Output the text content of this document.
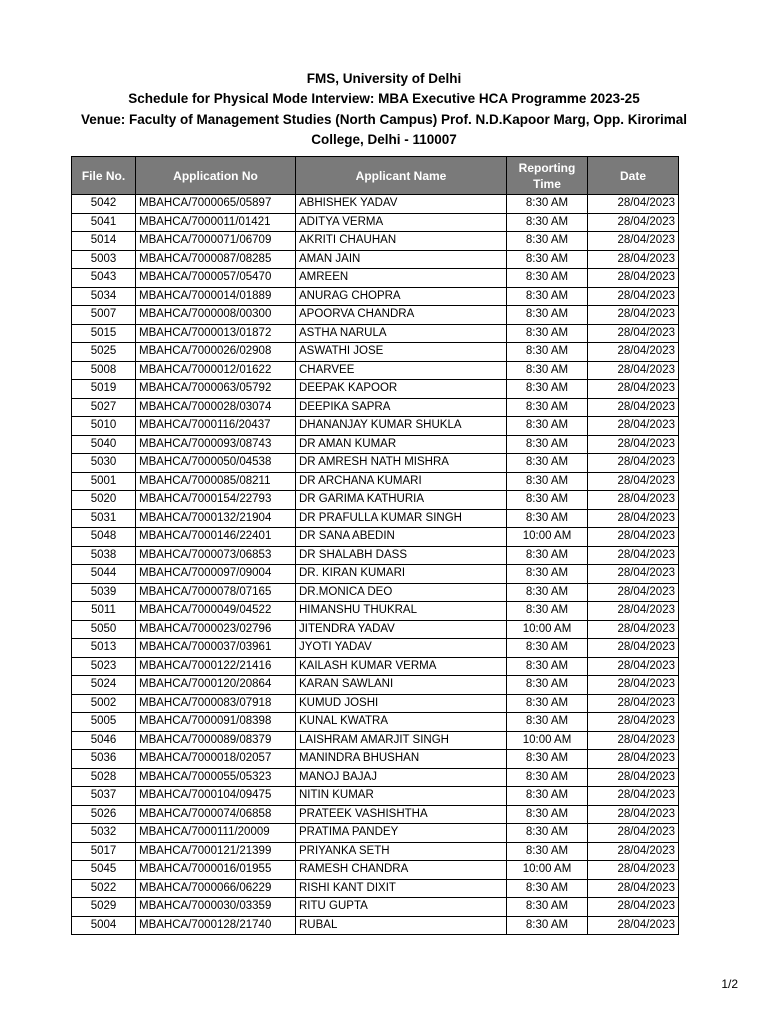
FMS, University of Delhi
Schedule for Physical Mode Interview: MBA Executive HCA Programme 2023-25
Venue: Faculty of Management Studies (North Campus) Prof. N.D.Kapoor Marg, Opp. Kirorimal College, Delhi - 110007
File No.	Application No	Applicant Name	Reporting Time	Date
5042	MBAHCA/7000065/05897	ABHISHEK YADAV	8:30 AM	28/04/2023
5041	MBAHCA/7000011/01421	ADITYA VERMA	8:30 AM	28/04/2023
5014	MBAHCA/7000071/06709	AKRITI CHAUHAN	8:30 AM	28/04/2023
5003	MBAHCA/7000087/08285	AMAN JAIN	8:30 AM	28/04/2023
5043	MBAHCA/7000057/05470	AMREEN	8:30 AM	28/04/2023
5034	MBAHCA/7000014/01889	ANURAG CHOPRA	8:30 AM	28/04/2023
5007	MBAHCA/7000008/00300	APOORVA CHANDRA	8:30 AM	28/04/2023
5015	MBAHCA/7000013/01872	ASTHA NARULA	8:30 AM	28/04/2023
5025	MBAHCA/7000026/02908	ASWATHI JOSE	8:30 AM	28/04/2023
5008	MBAHCA/7000012/01622	CHARVEE	8:30 AM	28/04/2023
5019	MBAHCA/7000063/05792	DEEPAK KAPOOR	8:30 AM	28/04/2023
5027	MBAHCA/7000028/03074	DEEPIKA SAPRA	8:30 AM	28/04/2023
5010	MBAHCA/7000116/20437	DHANANJAY KUMAR SHUKLA	8:30 AM	28/04/2023
5040	MBAHCA/7000093/08743	DR AMAN KUMAR	8:30 AM	28/04/2023
5030	MBAHCA/7000050/04538	DR AMRESH NATH MISHRA	8:30 AM	28/04/2023
5001	MBAHCA/7000085/08211	DR ARCHANA KUMARI	8:30 AM	28/04/2023
5020	MBAHCA/7000154/22793	DR GARIMA KATHURIA	8:30 AM	28/04/2023
5031	MBAHCA/7000132/21904	DR PRAFULLA KUMAR SINGH	8:30 AM	28/04/2023
5048	MBAHCA/7000146/22401	DR SANA ABEDIN	10:00 AM	28/04/2023
5038	MBAHCA/7000073/06853	DR SHALABH DASS	8:30 AM	28/04/2023
5044	MBAHCA/7000097/09004	DR. KIRAN KUMARI	8:30 AM	28/04/2023
5039	MBAHCA/7000078/07165	DR.MONICA DEO	8:30 AM	28/04/2023
5011	MBAHCA/7000049/04522	HIMANSHU THUKRAL	8:30 AM	28/04/2023
5050	MBAHCA/7000023/02796	JITENDRA YADAV	10:00 AM	28/04/2023
5013	MBAHCA/7000037/03961	JYOTI YADAV	8:30 AM	28/04/2023
5023	MBAHCA/7000122/21416	KAILASH KUMAR VERMA	8:30 AM	28/04/2023
5024	MBAHCA/7000120/20864	KARAN SAWLANI	8:30 AM	28/04/2023
5002	MBAHCA/7000083/07918	KUMUD JOSHI	8:30 AM	28/04/2023
5005	MBAHCA/7000091/08398	KUNAL KWATRA	8:30 AM	28/04/2023
5046	MBAHCA/7000089/08379	LAISHRAM AMARJIT SINGH	10:00 AM	28/04/2023
5036	MBAHCA/7000018/02057	MANINDRA BHUSHAN	8:30 AM	28/04/2023
5028	MBAHCA/7000055/05323	MANOJ BAJAJ	8:30 AM	28/04/2023
5037	MBAHCA/7000104/09475	NITIN KUMAR	8:30 AM	28/04/2023
5026	MBAHCA/7000074/06858	PRATEEK VASHISHTHA	8:30 AM	28/04/2023
5032	MBAHCA/7000111/20009	PRATIMA PANDEY	8:30 AM	28/04/2023
5017	MBAHCA/7000121/21399	PRIYANKA SETH	8:30 AM	28/04/2023
5045	MBAHCA/7000016/01955	RAMESH CHANDRA	10:00 AM	28/04/2023
5022	MBAHCA/7000066/06229	RISHI KANT DIXIT	8:30 AM	28/04/2023
5029	MBAHCA/7000030/03359	RITU GUPTA	8:30 AM	28/04/2023
5004	MBAHCA/7000128/21740	RUBAL	8:30 AM	28/04/2023
1/2
